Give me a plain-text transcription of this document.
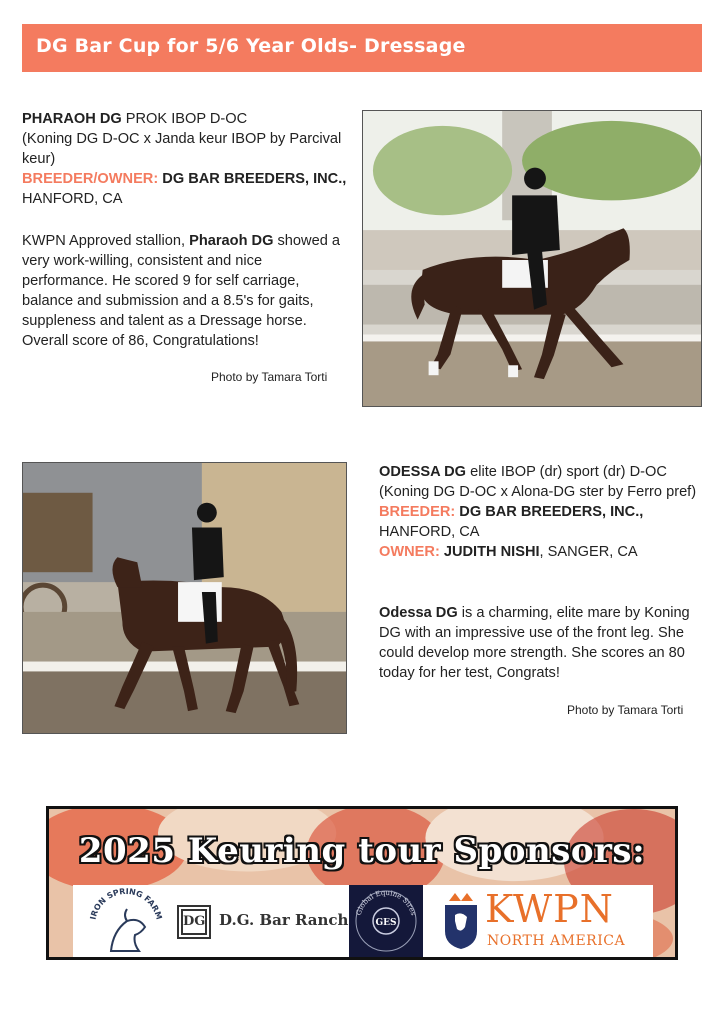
DG Bar Cup for 5/6 Year Olds- Dressage
PHARAOH DG PROK IBOP D-OC
(Koning DG D-OC x Janda keur IBOP by Parcival keur)
BREEDER/OWNER: DG BAR BREEDERS, INC.,
HANFORD, CA
KWPN Approved stallion, Pharaoh DG showed a very work-willing, consistent and nice performance. He scored 9 for self carriage, balance and submission and a 8.5's for gaits, suppleness and talent as a Dressage horse. Overall score of 86, Congratulations!
Photo by Tamara Torti
ODESSA DG elite IBOP (dr) sport (dr) D-OC
(Koning DG D-OC x Alona-DG ster by Ferro pref)
BREEDER: DG BAR BREEDERS, INC.,
HANFORD, CA
OWNER: JUDITH NISHI, SANGER, CA
Odessa DG is a charming, elite mare by Koning DG with an impressive use of the front leg. She could develop more strength. She scores an 80 today for her test, Congrats!
Photo by Tamara Torti
2025 Keuring tour Sponsors:
IRON SPRING FARM DG D.G. Bar Ranch Global Equine Sires
GES KWPN
NORTH AMERICA
